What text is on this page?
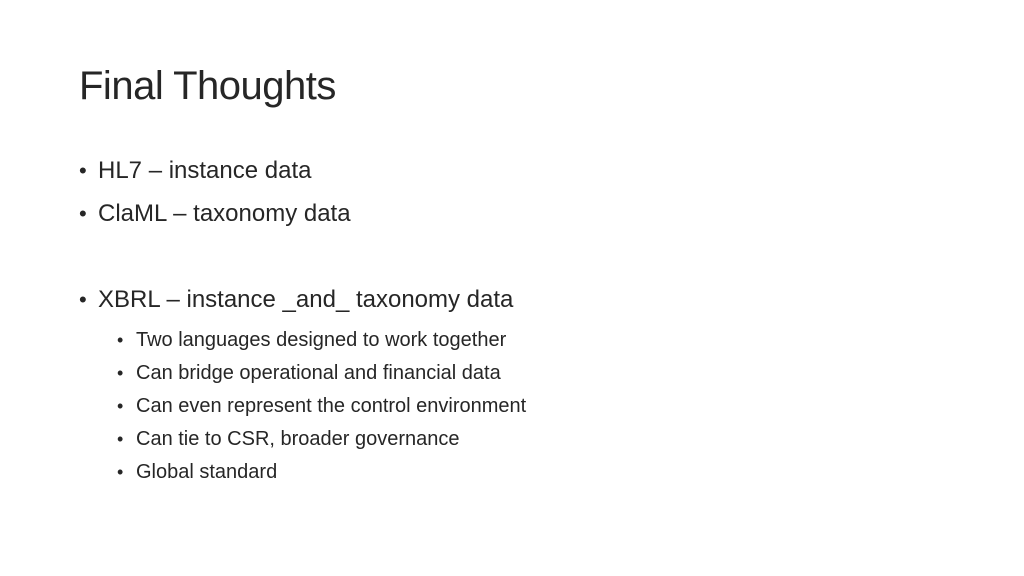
Final Thoughts
• HL7 – instance data
• ClaML – taxonomy data
• XBRL – instance _and_ taxonomy data
• Two languages designed to work together
• Can bridge operational and financial data
• Can even represent the control environment
• Can tie to CSR, broader governance
• Global standard
